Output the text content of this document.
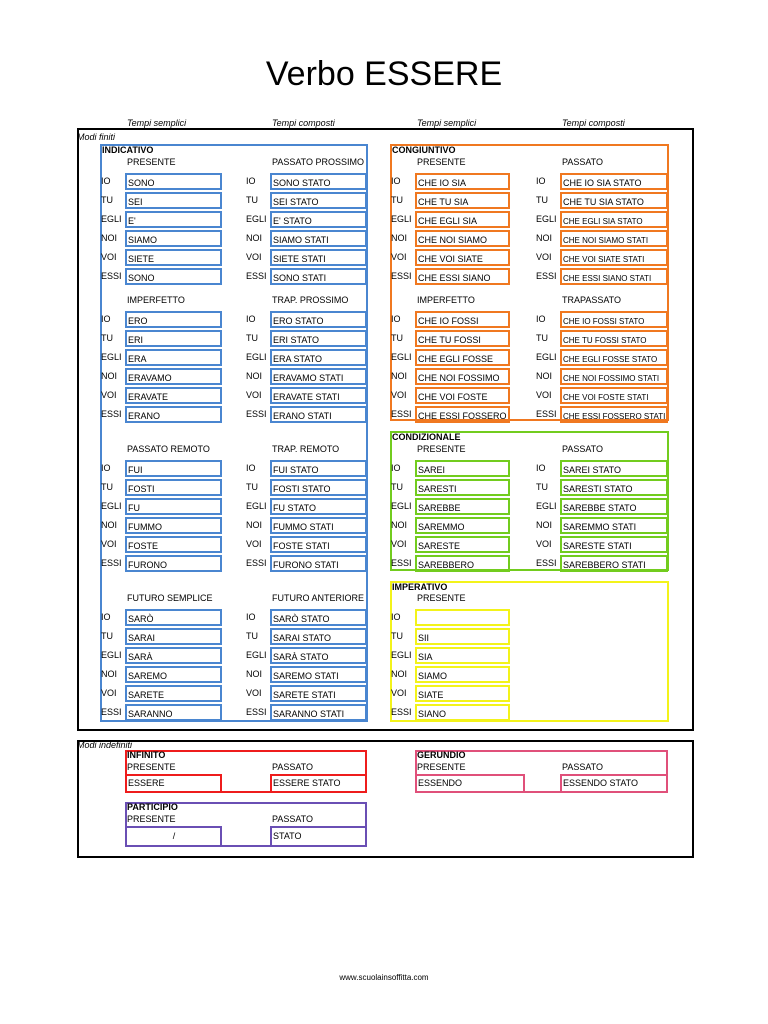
Verbo ESSERE
Tempi semplici	Tempi composti	Tempi semplici	Tempi composti
Modi finiti
Modi indefiniti
INDICATIVO	CONGIUNTIVO
CONDIZIONALE
IMPERATIVO
PRESENTE
IO	SONO
TU	SEI
EGLI E'
NOI	SIAMO
VOI	SIETE
ESSI SONO
PASSATO PROSSIMO
IO	SONO STATO
TU	SEI STATO
EGLI E' STATO
NOI	SIAMO STATI
VOI	SIETE STATI
ESSI SONO STATI
IMPERFETTO
IO	ERO
TU	ERI
EGLI ERA
NOI	ERAVAMO
VOI	ERAVATE
ESSI ERANO
TRAP. PROSSIMO
IO	ERO STATO
TU	ERI STATO
EGLI ERA STATO
NOI	ERAVAMO STATI
VOI	ERAVATE STATI
ESSI ERANO STATI
PASSATO REMOTO
IO	FUI
TU	FOSTI
EGLI FU
NOI	FUMMO
VOI	FOSTE
ESSI FURONO
TRAP. REMOTO
IO	FUI STATO
TU	FOSTI STATO
EGLI FU STATO
NOI	FUMMO STATI
VOI	FOSTE STATI
ESSI FURONO STATI
FUTURO SEMPLICE
IO	SARÒ
TU	SARAI
EGLI SARÀ
NOI	SAREMO
VOI	SARETE
ESSI SARANNO
FUTURO ANTERIORE
IO	SARÒ STATO
TU	SARAI STATO
EGLI SARÀ STATO
NOI	SAREMO STATI
VOI	SARETE STATI
ESSI SARANNO STATI
PRESENTE
IO	CHE IO SIA
TU	CHE TU SIA
EGLI CHE EGLI SIA
NOI	CHE NOI SIAMO
VOI	CHE VOI SIATE
ESSI CHE ESSI SIANO
PASSATO
IO	CHE IO SIA STATO
TU	CHE TU SIA STATO
EGLI CHE EGLI SIA STATO
NOI	CHE NOI SIAMO STATI
VOI	CHE VOI SIATE STATI
ESSI CHE ESSI SIANO STATI
IMPERFETTO
IO	CHE IO FOSSI
TU	CHE TU FOSSI
EGLI CHE EGLI FOSSE
NOI	CHE NOI FOSSIMO
VOI	CHE VOI FOSTE
ESSI CHE ESSI FOSSERO
TRAPASSATO
IO	CHE IO FOSSI STATO
TU	CHE TU FOSSI STATO
EGLI CHE EGLI FOSSE STATO
NOI	CHE NOI FOSSIMO STATI
VOI	CHE VOI FOSTE STATI
ESSI CHE ESSI FOSSERO STATI
PRESENTE
IO	SAREI
TU	SARESTI
EGLI SAREBBE
NOI	SAREMMO
VOI	SARESTE
ESSI SAREBBERO
PASSATO
IO	SAREI STATO
TU	SARESTI STATO
EGLI SAREBBE STATO
NOI	SAREMMO STATI
VOI	SARESTE STATI
ESSI SAREBBERO STATI
PRESENTE
IO
TU	SII
EGLI SIA
NOI	SIAMO
VOI	SIATE
ESSI SIANO
INFINITO
PRESENTE	PASSATO
ESSERE	ESSERE STATO
GERUNDIO
PRESENTE	PASSATO
ESSENDO	ESSENDO STATO
PARTICIPIO
PRESENTE	PASSATO
/	STATO
www.scuolainsoffitta.com
